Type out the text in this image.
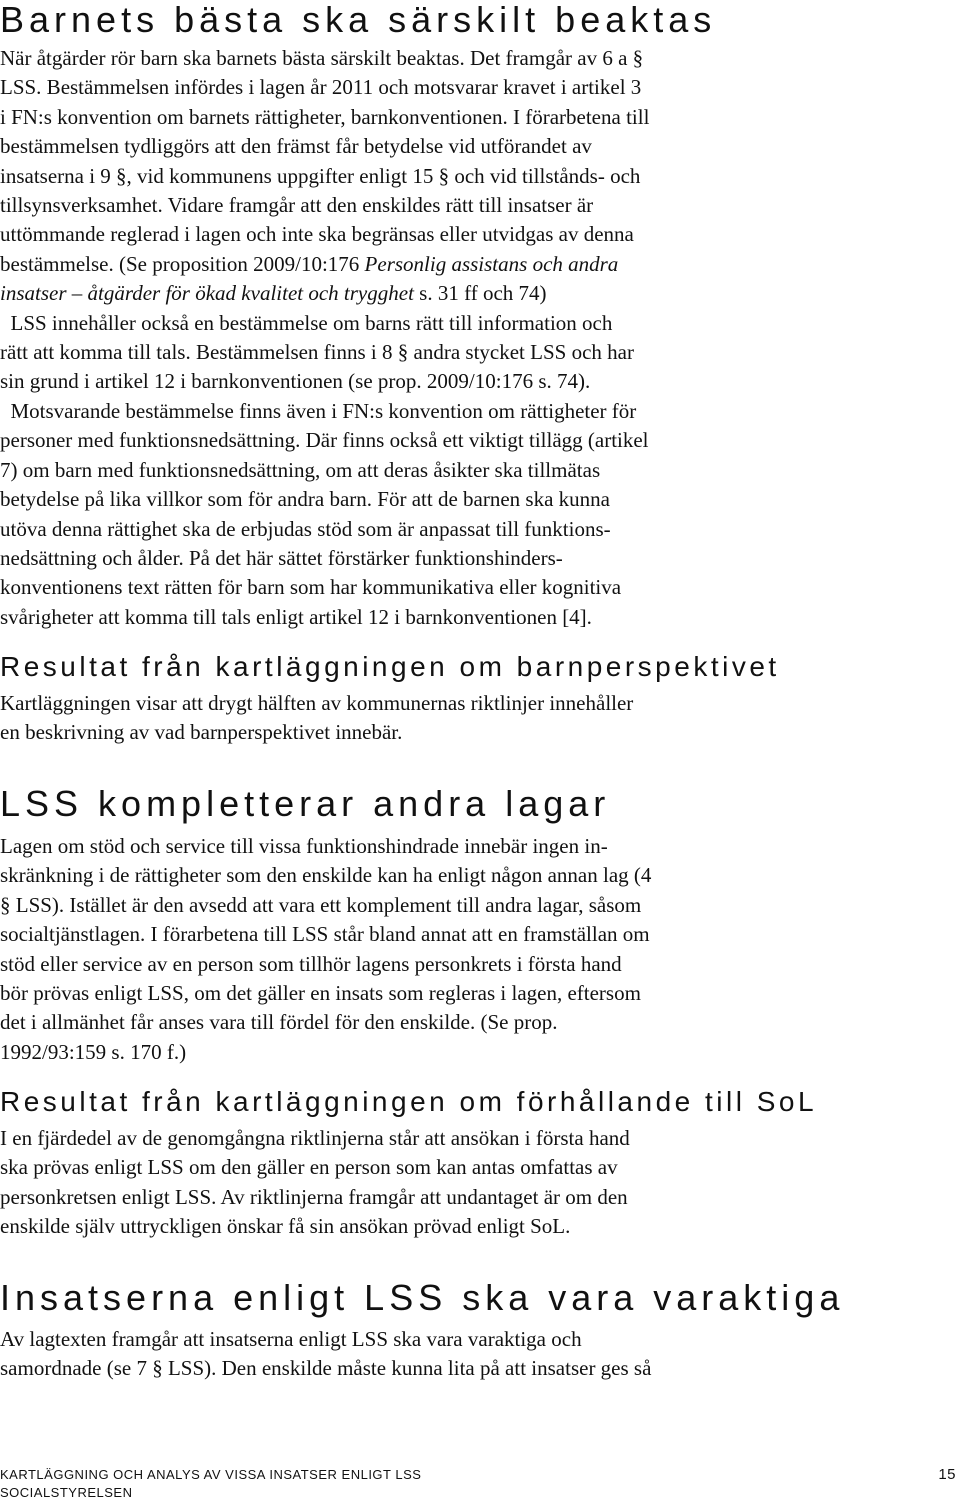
Barnets bästa ska särskilt beaktas
När åtgärder rör barn ska barnets bästa särskilt beaktas. Det framgår av 6 a §
LSS. Bestämmelsen infördes i lagen år 2011 och motsvarar kravet i artikel 3
i FN:s konvention om barnets rättigheter, barnkonventionen. I förarbetena till
bestämmelsen tydliggörs att den främst får betydelse vid utförandet av
insatserna i 9 §, vid kommunens uppgifter enligt 15 § och vid tillstånds- och
tillsynsverksamhet. Vidare framgår att den enskildes rätt till insatser är
uttömmande reglerad i lagen och inte ska begränsas eller utvidgas av denna
bestämmelse. (Se proposition 2009/10:176 Personlig assistans och andra
insatser – åtgärder för ökad kvalitet och trygghet s. 31 ff och 74)
LSS innehåller också en bestämmelse om barns rätt till information och
rätt att komma till tals. Bestämmelsen finns i 8 § andra stycket LSS och har
sin grund i artikel 12 i barnkonventionen (se prop. 2009/10:176 s. 74).
Motsvarande bestämmelse finns även i FN:s konvention om rättigheter för
personer med funktionsnedsättning. Där finns också ett viktigt tillägg (artikel
7) om barn med funktionsnedsättning, om att deras åsikter ska tillmätas
betydelse på lika villkor som för andra barn. För att de barnen ska kunna
utöva denna rättighet ska de erbjudas stöd som är anpassat till funktions-
nedsättning och ålder. På det här sättet förstärker funktionshinders-
konventionens text rätten för barn som har kommunikativa eller kognitiva
svårigheter att komma till tals enligt artikel 12 i barnkonventionen [4].
Resultat från kartläggningen om barnperspektivet
Kartläggningen visar att drygt hälften av kommunernas riktlinjer innehåller
en beskrivning av vad barnperspektivet innebär.
LSS kompletterar andra lagar
Lagen om stöd och service till vissa funktionshindrade innebär ingen in-
skränkning i de rättigheter som den enskilde kan ha enligt någon annan lag (4
§ LSS). Istället är den avsedd att vara ett komplement till andra lagar, såsom
socialtjänstlagen. I förarbetena till LSS står bland annat att en framställan om
stöd eller service av en person som tillhör lagens personkrets i första hand
bör prövas enligt LSS, om det gäller en insats som regleras i lagen, eftersom
det i allmänhet får anses vara till fördel för den enskilde. (Se prop.
1992/93:159 s. 170 f.)
Resultat från kartläggningen om förhållande till SoL
I en fjärdedel av de genomgångna riktlinjerna står att ansökan i första hand
ska prövas enligt LSS om den gäller en person som kan antas omfattas av
personkretsen enligt LSS. Av riktlinjerna framgår att undantaget är om den
enskilde själv uttryckligen önskar få sin ansökan prövad enligt SoL.
Insatserna enligt LSS ska vara varaktiga
Av lagtexten framgår att insatserna enligt LSS ska vara varaktiga och
samordnade (se 7 § LSS). Den enskilde måste kunna lita på att insatser ges så
KARTLÄGGNING OCH ANALYS AV VISSA INSATSER ENLIGT LSS
SOCIALSTYRELSEN
15
